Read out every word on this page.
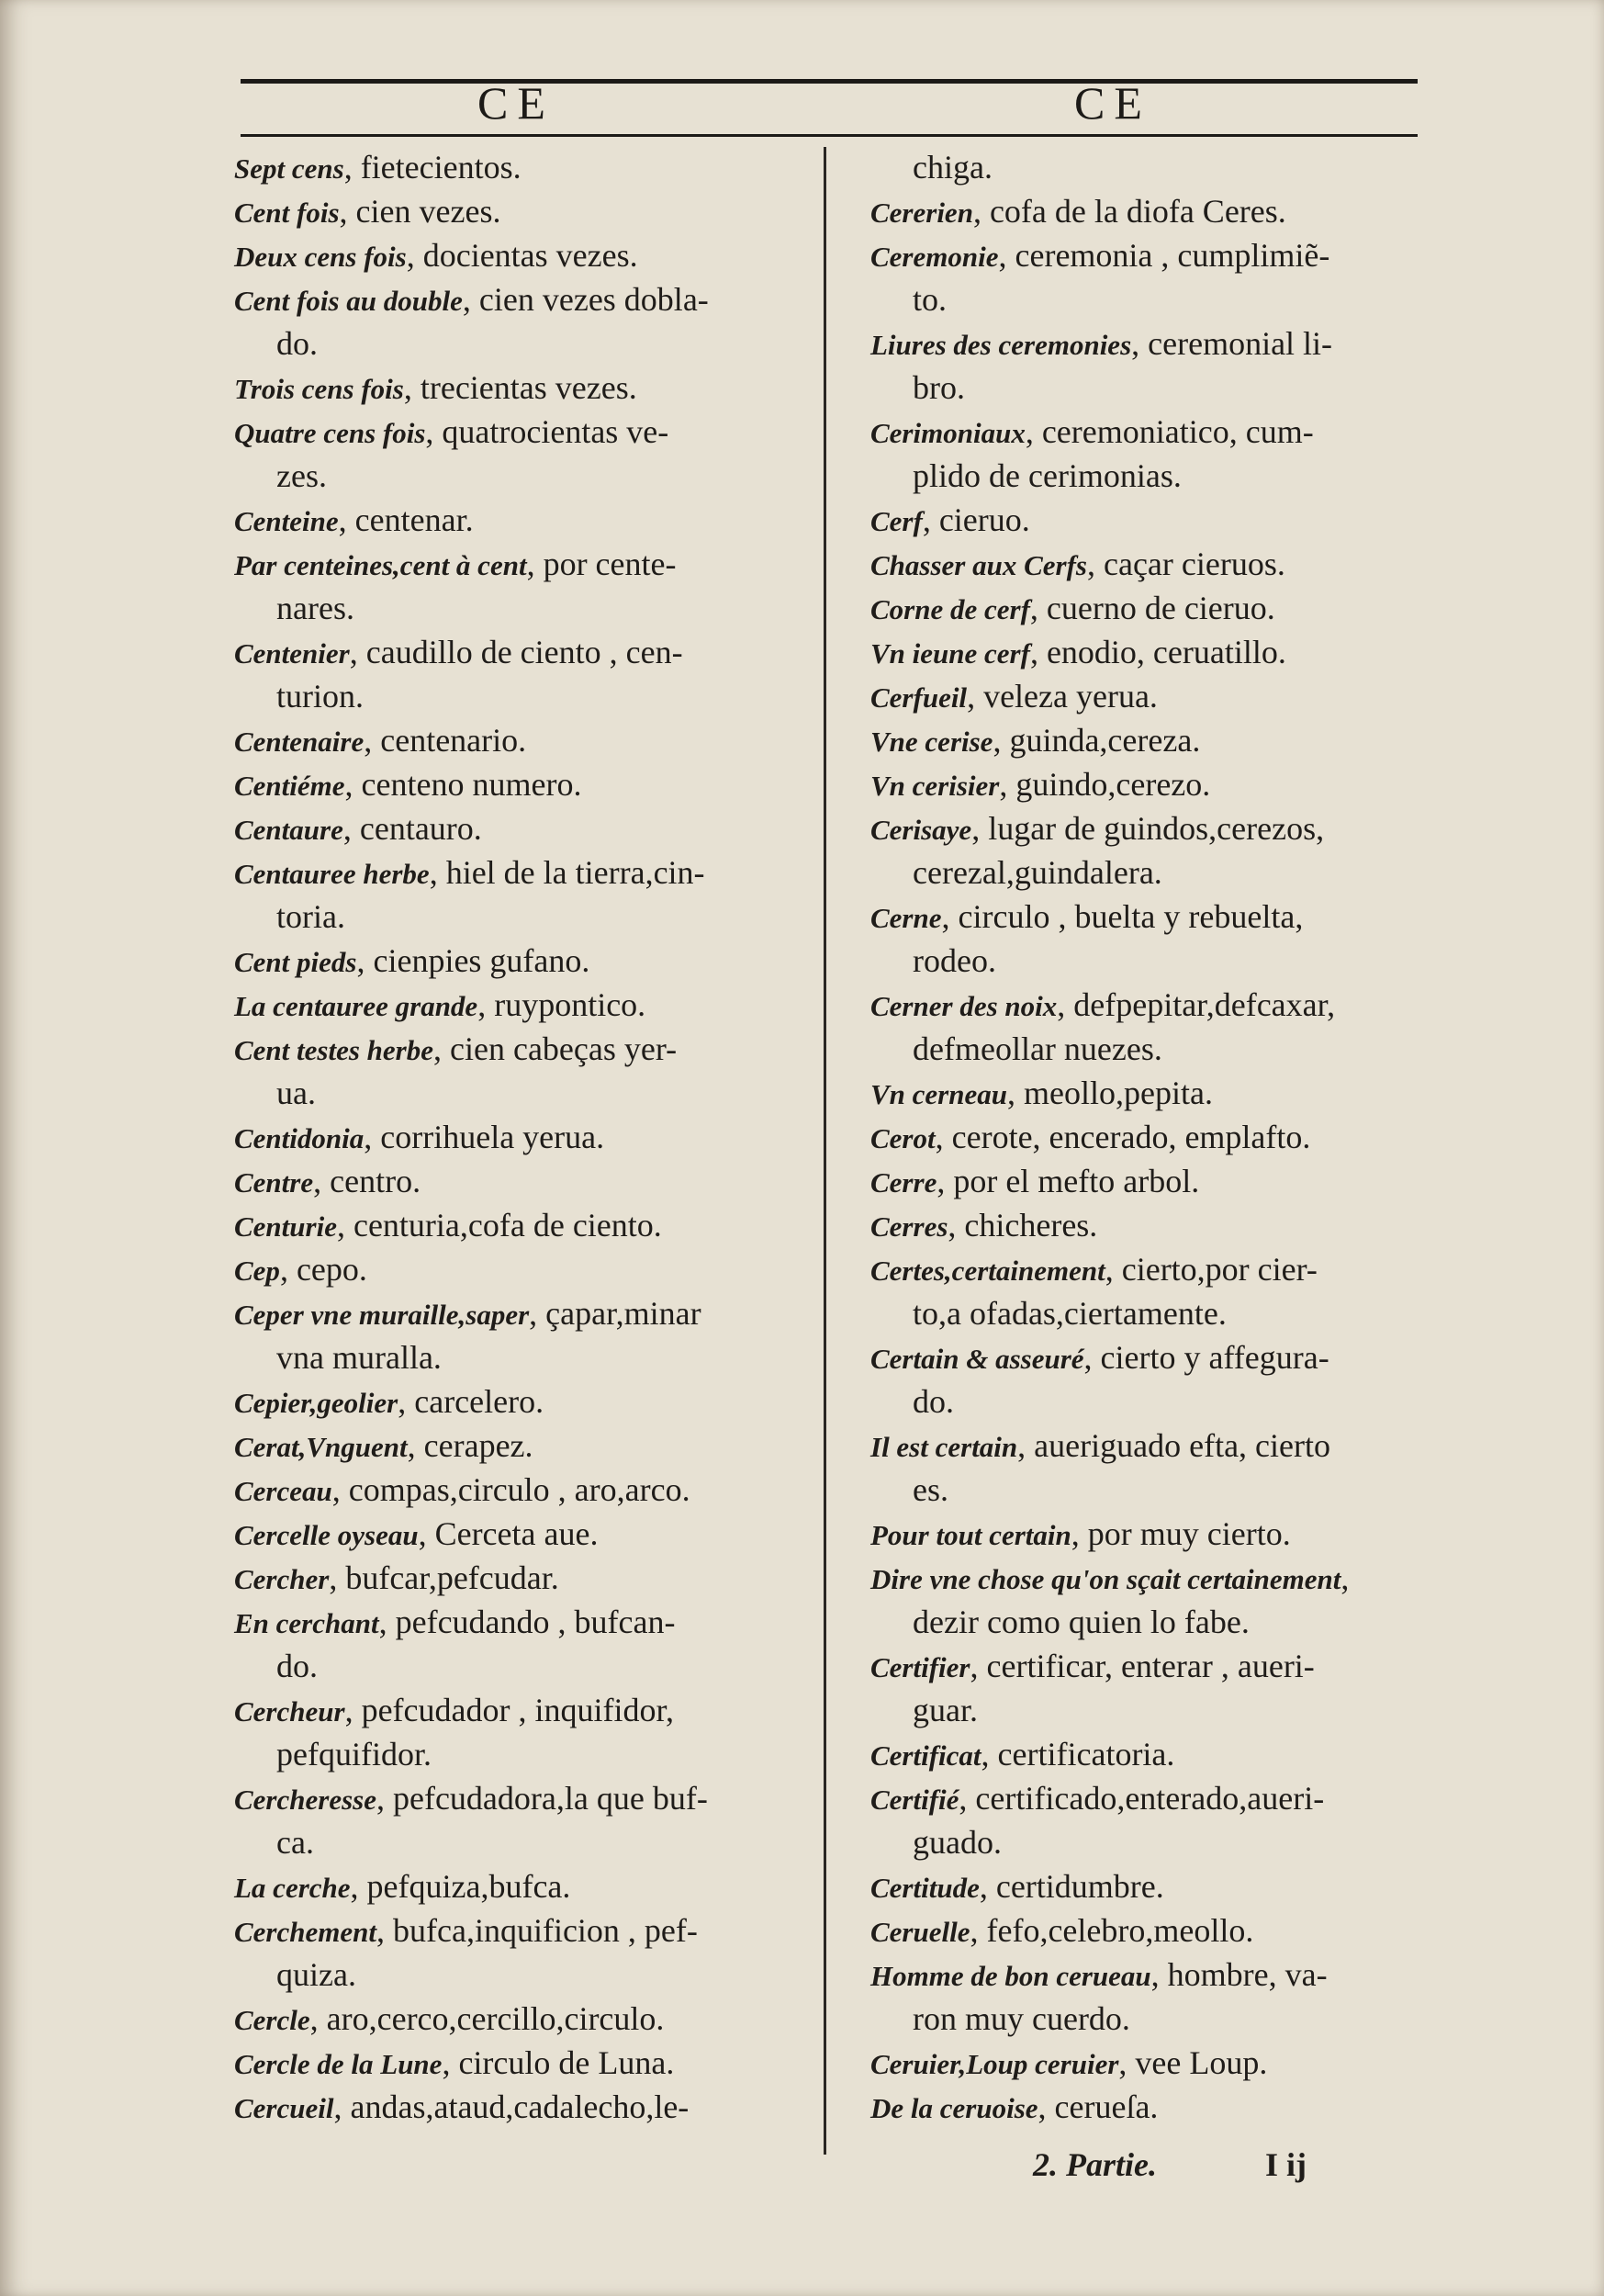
CE	CE
Sept cens, fietecientos.
Cent fois, cien vezes.
Deux cens fois, docientas vezes.
Cent fois au double, cien vezes dobla-
do.
Trois cens fois, trecientas vezes.
Quatre cens fois, quatrocientas ve-
zes.
Centeine, centenar.
Par centeines,cent à cent, por cente-
nares.
Centenier, caudillo de ciento , cen-
turion.
Centenaire, centenario.
Centiéme, centeno numero.
Centaure, centauro.
Centauree herbe, hiel de la tierra,cin-
toria.
Cent pieds, cienpies gufano.
La centauree grande, ruypontico.
Cent testes herbe, cien cabeças yer-
ua.
Centidonia, corrihuela yerua.
Centre, centro.
Centurie, centuria,cofa de ciento.
Cep, cepo.
Ceper vne muraille,saper, çapar,minar
vna muralla.
Cepier,geolier, carcelero.
Cerat,Vnguent, cerapez.
Cerceau, compas,circulo , aro,arco.
Cercelle oyseau, Cerceta aue.
Cercher, bufcar,pefcudar.
En cerchant, pefcudando , bufcan-
do.
Cercheur, pefcudador , inquifidor,
pefquifidor.
Cercheresse, pefcudadora,la que buf-
ca.
La cerche, pefquiza,bufca.
Cerchement, bufca,inquificion , pef-
quiza.
Cercle, aro,cerco,cercillo,circulo.
Cercle de la Lune, circulo de Luna.
Cercueil, andas,ataud,cadalecho,le-
chiga.
Cererien, cofa de la diofa Ceres.
Ceremonie, ceremonia , cumplimiẽ-
to.
Liures des ceremonies, ceremonial li-
bro.
Cerimoniaux, ceremoniatico, cum-
plido de cerimonias.
Cerf, cieruo.
Chasser aux Cerfs, caçar cieruos.
Corne de cerf, cuerno de cieruo.
Vn ieune cerf, enodio, ceruatillo.
Cerfueil, veleza yerua.
Vne cerise, guinda,cereza.
Vn cerisier, guindo,cerezo.
Cerisaye, lugar de guindos,cerezos,
cerezal,guindalera.
Cerne, circulo , buelta y rebuelta,
rodeo.
Cerner des noix, defpepitar,defcaxar,
defmeollar nuezes.
Vn cerneau, meollo,pepita.
Cerot, cerote, encerado, emplafto.
Cerre, por el mefto arbol.
Cerres, chicheres.
Certes,certainement, cierto,por cier-
to,a ofadas,ciertamente.
Certain & asseuré, cierto y affegura-
do.
Il est certain, aueriguado efta, cierto
es.
Pour tout certain, por muy cierto.
Dire vne chose qu'on sçait certainement,
dezir como quien lo fabe.
Certifier, certificar, enterar , aueri-
guar.
Certificat, certificatoria.
Certifié, certificado,enterado,aueri-
guado.
Certitude, certidumbre.
Ceruelle, fefo,celebro,meollo.
Homme de bon cerueau, hombre, va-
ron muy cuerdo.
Ceruier,Loup ceruier, vee Loup.
De la ceruoise, cerueſa.
2. Partie.	I ij
